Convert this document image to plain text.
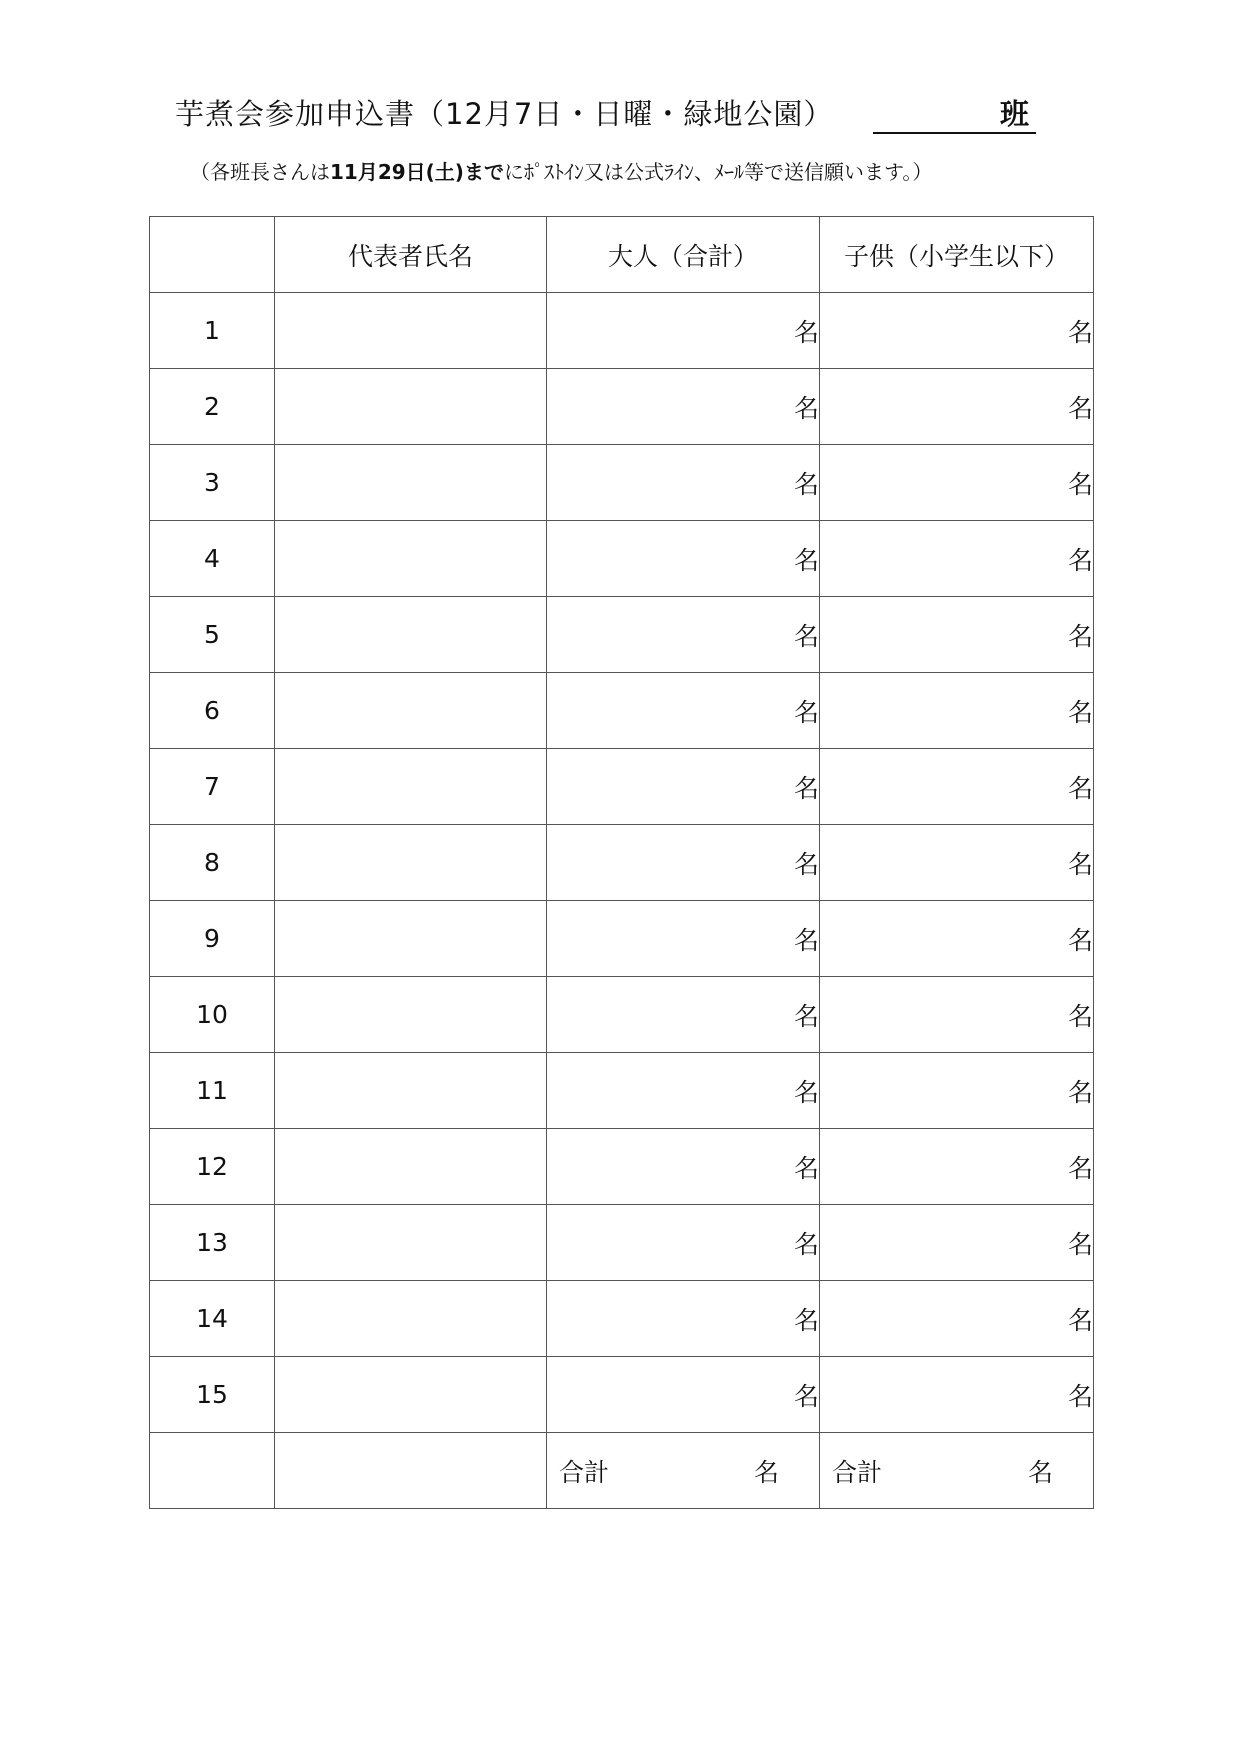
芋煮会参加申込書（12月7日・日曜・緑地公園）	班
（各班長さんは11月29日(土)までにﾎﾟｽﾄｲﾝ又は公式ﾗｲﾝ、ﾒｰﾙ等で送信願います。）
	代表者氏名	大人（合計）	子供（小学生以下）
1		名	名
2		名	名
3		名	名
4		名	名
5		名	名
6		名	名
7		名	名
8		名	名
9		名	名
10		名	名
11		名	名
12		名	名
13		名	名
14		名	名
15		名	名

		合計 名	合計 名
